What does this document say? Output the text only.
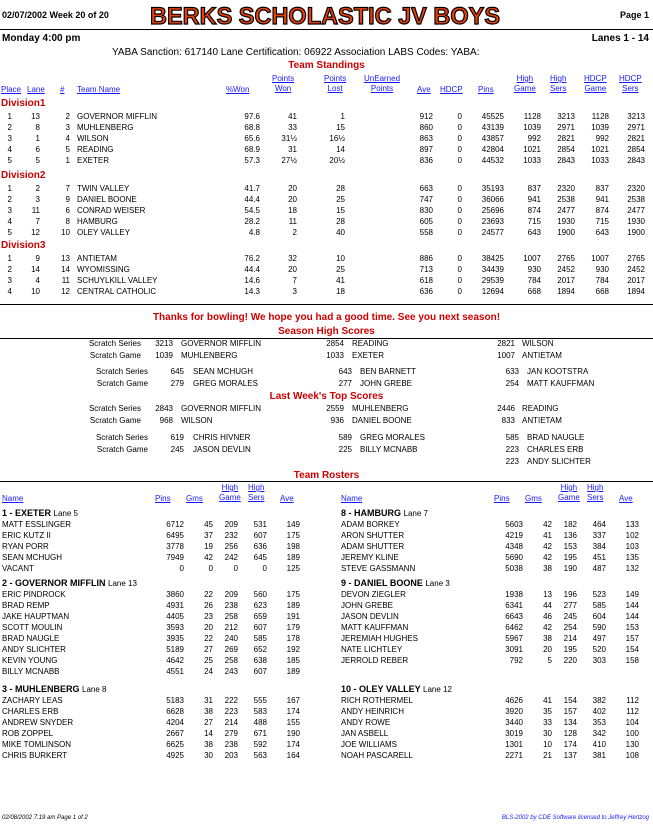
02/07/2002 Week 20 of 20 BERKS SCHOLASTIC JV BOYS	Page 1
Monday 4:00 pm	Lanes 1 - 14
YABA Sanction: 617140 Lane Certification: 06922 Association LABS Codes: YABA:
Team Standings
Place Lane # Team Name	%Won
Points
Won
Points
Lost
UnEarned
Points	Ave HDCP Pins
High
Game
High
Sers
HDCP
Game
HDCP
Sers
Division1
1 13	2 GOVERNOR MIFFLIN	97.6	41	1	912	0 45525 1128 3213 1128 3213
2	8	3 MUHLENBERG	68.8	33	15	860	0 43139 1039 2971 1039 2971
3	1	4 WILSON	65.6	31½	16½	863	0 43857	992 2821	992 2821
4	6	5 READING	68.9	31	14	897	0 42804 1021 2854 1021 2854
5	5	1 EXETER	57.3	27½	20½	836	0 44532 1033 2843 1033 2843
Division2
1	2	7 TWIN VALLEY	41.7	20	28	663	0 35193	837 2320	837 2320
2	3	9 DANIEL BOONE	44.4	20	25	747	0 36066	941 2538	941 2538
3 11	6 CONRAD WEISER	54.5	18	15	830	0 25696	874 2477	874 2477
4	7	8 HAMBURG	28.2	11	28	605	0 23693	715 1930	715 1930
5 12	10 OLEY VALLEY	4.8	2	40	558	0 24577	643 1900	643 1900
Division3
1	9	13 ANTIETAM	76.2	32	10	886	0 38425 1007 2765 1007 2765
2 14	14 WYOMISSING	44.4	20	25	713	0 34439	930 2452	930 2452
3	4	11 SCHUYLKILL VALLEY	14.6	7	41	618	0 29539	784 2017	784 2017
4 10	12 CENTRAL CATHOLIC	14.3	3	18	636	0 12694	668 1894	668 1894
Thanks for bowling! We hope you had a good time. See you next season!
Season High Scores
Scratch Series 3213 GOVERNOR MIFFLIN	2854 READING	2821 WILSON
Scratch Game 1039 MUHLENBERG	1033 EXETER	1007 ANTIETAM
Scratch Series	645 SEAN MCHUGH	643 BEN BARNETT	633 JAN KOOTSTRA
Scratch Game	279 GREG MORALES	277 JOHN GREBE	254 MATT KAUFFMAN
Last Week's Top Scores
Scratch Series 2843 GOVERNOR MIFFLIN	2559 MUHLENBERG	2446 READING
Scratch Game 968 WILSON	936 DANIEL BOONE	833 ANTIETAM
Scratch Series	619 CHRIS HIVNER	589 GREG MORALES	585 BRAD NAUGLE
Scratch Game	245 JASON DEVLIN	225 BILLY MCNABB	223 CHARLES ERB
223 ANDY SLICHTER
Team Rosters
Name	Pins Gms
High
Game
High
Sers Ave
1 - EXETER Lane 5
MATT ESSLINGER	6712	45 209 531 149
ERIC KUTZ II	6495	37 232 607 175
RYAN PORR	3778	19 256 636 198
SEAN MCHUGH	7949	42 242 645 189
VACANT	0	0	0	0 125
2 - GOVERNOR MIFFLIN Lane 13
ERIC PINDROCK	3860	22 209 560 175
BRAD REMP	4931	26 238 623 189
JAKE HAUPTMAN	4405	23 258 659 191
SCOTT MOULIN	3593	20 212 607 179
BRAD NAUGLE	3935	22 240 585 178
ANDY SLICHTER	5189	27 269 652 192
KEVIN YOUNG	4642	25 258 638 185
BILLY MCNABB	4551	24 243 607 189
3 - MUHLENBERG Lane 8
ZACHARY LEAS	5183	31 222 555 167
CHARLES ERB	6628	38 223 583 174
ANDREW SNYDER	4204	27 214 488 155
ROB ZOPPEL	2667	14 279 671 190
MIKE TOMLINSON	6625	38 238 592 174
CHRIS BURKERT	4925	30 203 563 164
Name	Pins Gms
High
Game
High
Sers Ave
8 - HAMBURG Lane 7
ADAM BORKEY	5603	42 182 464 133
ARON SHUTTER	4219	41 136 337 102
ADAM SHUTTER	4348	42 153 384 103
JEREMY KLINE	5690	42 195 451 135
STEVE GASSMANN	5038	38 190 487 132
9 - DANIEL BOONE Lane 3
DEVON ZIEGLER	1938	13 196 523 149
JOHN GREBE	6341	44 277 585 144
JASON DEVLIN	6643	46 245 604 144
MATT KAUFFMAN	6462	42 254 590 153
JEREMIAH HUGHES	5967	38 214 497 157
NATE LICHTLEY	3091	20 195 520 154
JERROLD REBER	792	5 220 303 158
10 - OLEY VALLEY Lane 12
RICH ROTHERMEL	4626	41 154 382	112
ANDY HEINRICH	3920	35 157 402	112
ANDY ROWE	3440	33 134 353 104
JAN ASBELL	3019	30 128 342 100
JOE WILLIAMS	1301	10 174 410 130
NOAH PASCARELL	2271	21 137 381 108
02/08/2002 7:19 am Page 1 of 2	BLS-2002 by CDE Software licensed to Jeffrey Hertzog
